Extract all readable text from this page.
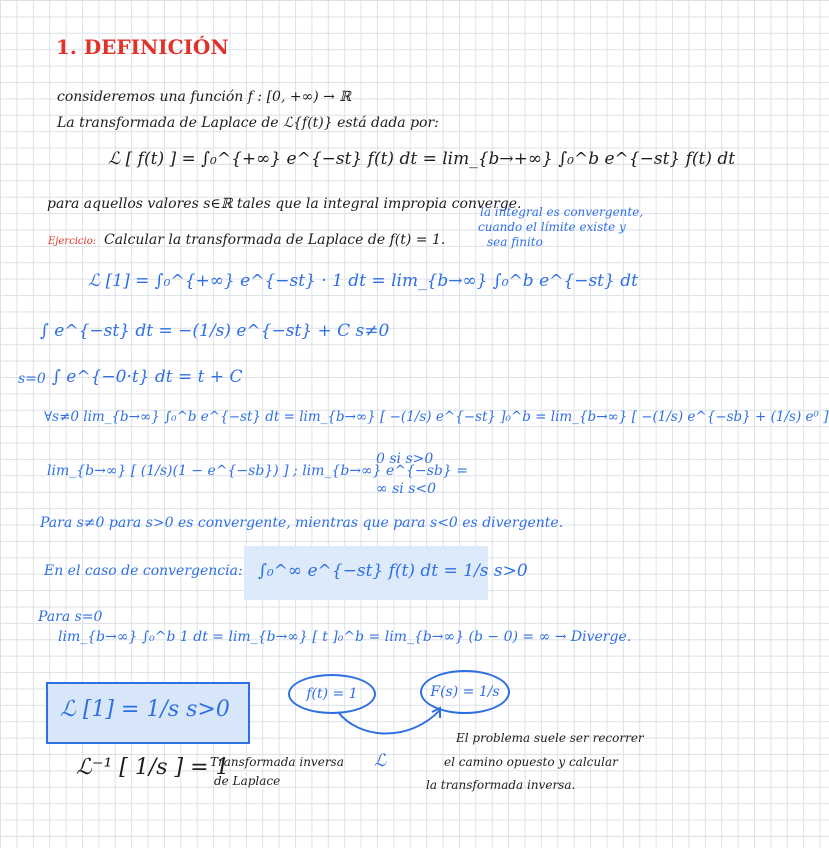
1. DEFINICIÓN
consideremos una función f : [0, +∞) → ℝ
La transformada de Laplace de ℒ{f(t)} está dada por:
ℒ [ f(t) ] = ∫₀^{+∞} e^{−st} f(t) dt = lim_{b→+∞} ∫₀^b e^{−st} f(t) dt
para aquellos valores s∈ℝ tales que la integral impropia converge.
la integral es convergente,
cuando el límite existe y
sea finito
Ejercicio: Calcular la transformada de Laplace de f(t) = 1.
ℒ [1] = ∫₀^{+∞} e^{−st} · 1 dt = lim_{b→∞} ∫₀^b e^{−st} dt
∫ e^{−st} dt = −(1/s) e^{−st} + C s≠0
s=0 ∫ e^{−0·t} dt = t + C
∀s≠0 lim_{b→∞} ∫₀^b e^{−st} dt = lim_{b→∞} [ −(1/s) e^{−st} ]₀^b = lim_{b→∞} [ −(1/s) e^{−sb} + (1/s) e⁰ ]
lim_{b→∞} [ (1/s)(1 − e^{−sb}) ] ; lim_{b→∞} e^{−sb} =
0 si s>0
∞ si s<0
Para s≠0 para s>0 es convergente, mientras que para s<0 es divergente.
En el caso de convergencia: ∫₀^∞ e^{−st} f(t) dt = 1/s s>0
Para s=0
lim_{b→∞} ∫₀^b 1 dt = lim_{b→∞} [ t ]₀^b = lim_{b→∞} (b − 0) = ∞ → Diverge.
ℒ [1] = 1/s s>0
f(t) = 1	F(s) = 1/s
ℒ
ℒ⁻¹ [ 1/s ] = 1
Transformada inversa
de Laplace
El problema suele ser recorrer
el camino opuesto y calcular
la transformada inversa.
